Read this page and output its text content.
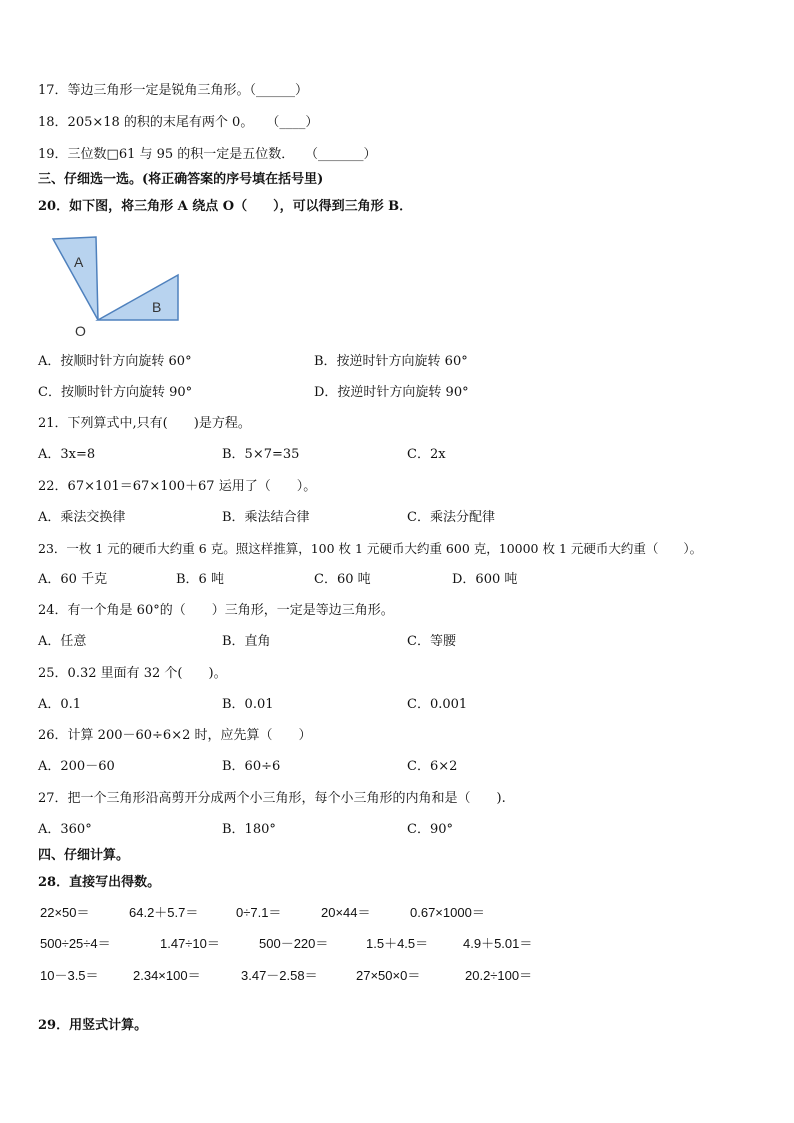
17．等边三角形一定是锐角三角形。（______）
18．205×18 的积的末尾有两个 0。　　（____）
19．三位数□61 与 95 的积一定是五位数．　 （_______）
三、仔细选一选。(将正确答案的序号填在括号里)
20．如下图，将三角形 A 绕点 O（　　），可以得到三角形 B．
A
B
O
A．按顺时针方向旋转 60°	B．按逆时针方向旋转 60°
C．按顺时针方向旋转 90°	D．按逆时针方向旋转 90°
21．下列算式中,只有(　　)是方程。
A．3x=8	B．5×7=35	C．2x
22．67×101＝67×100＋67 运用了（　　）。
A．乘法交换律	B．乘法结合律	C．乘法分配律
23．一枚 1 元的硬币大约重 6 克。照这样推算，100 枚 1 元硬币大约重 600 克，10000 枚 1 元硬币大约重（　　）。
A．60 千克	B．6 吨	C．60 吨	D．600 吨
24．有一个角是 60°的（　　）三角形，一定是等边三角形。
A．任意	B．直角	C．等腰
25．0.32 里面有 32 个(　　)。
A．0.1	B．0.01	C．0.001
26．计算 200－60÷6×2 时，应先算（　　）
A．200－60	B．60÷6	C．6×2
27．把一个三角形沿高剪开分成两个小三角形，每个小三角形的内角和是（　　).
A．360°	B．180°	C．90°
四、仔细计算。
28．直接写出得数。
22×50＝	64.2＋5.7＝	0÷7.1＝	20×44＝	0.67×1000＝
500÷25÷4＝	1.47÷10＝	500－220＝	1.5＋4.5＝	4.9＋5.01＝
10－3.5＝	2.34×100＝	3.47－2.58＝	27×50×0＝	20.2÷100＝
29．用竖式计算。
